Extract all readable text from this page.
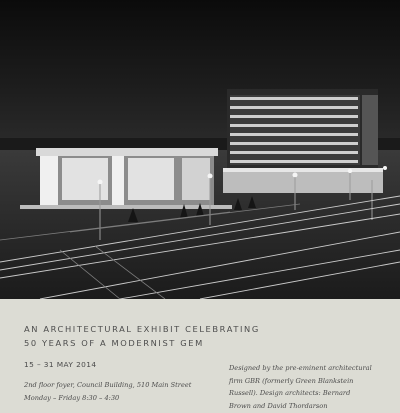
AN ARCHITECTURAL EXHIBIT CELEBRATING
50 YEARS OF A MODERNIST GEM
15 – 31 MAY 2014
2nd floor foyer, Council Building, 510 Main Street
Monday – Friday 8:30 – 4:30
Designed by the pre-eminent architectural
firm GBR (formerly Green Blankstein
Russell). Design architects: Bernard
Brown and David Thordarson
